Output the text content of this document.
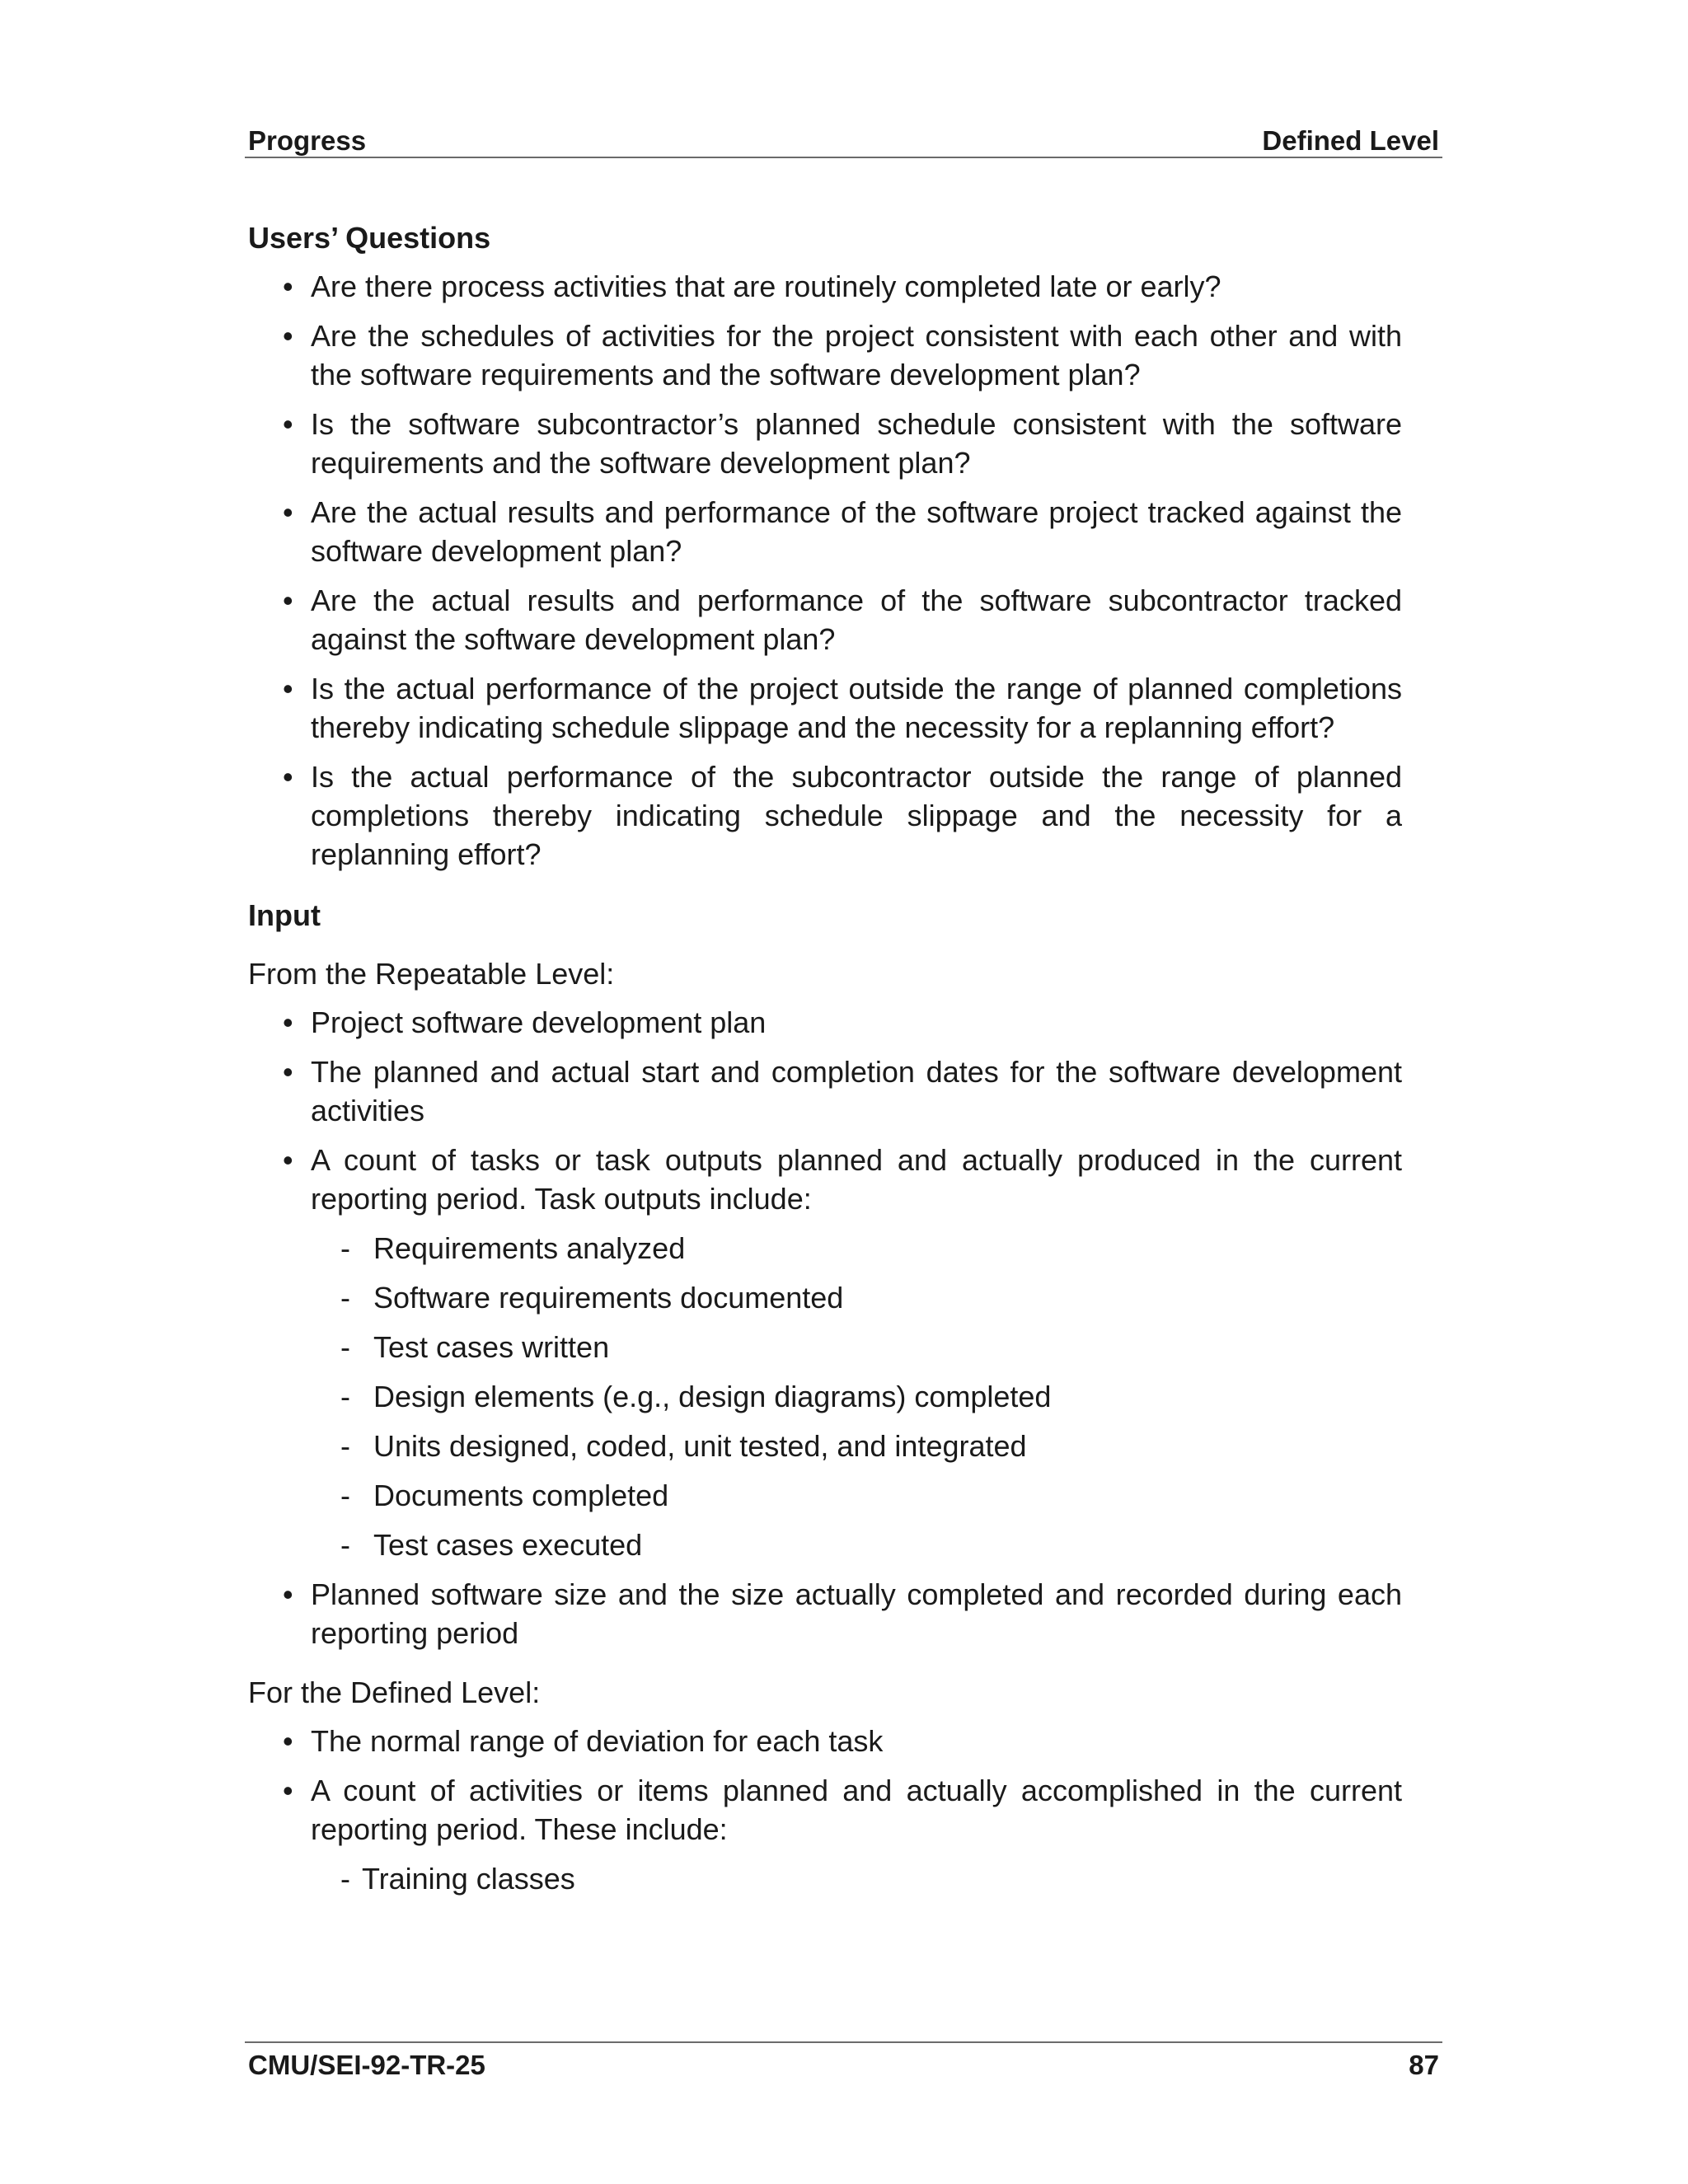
Progress	Defined Level
Users’ Questions
• Are there process activities that are routinely completed late or early?
• Are the schedules of activities for the project consistent with each other and with the software requirements and the software development plan?
• Is the software subcontractor’s planned schedule consistent with the software requirements and the software development plan?
• Are the actual results and performance of the software project tracked against the software development plan?
• Are the actual results and performance of the software subcontractor tracked against the software development plan?
• Is the actual performance of the project outside the range of planned completions thereby indicating schedule slippage and the necessity for a replanning effort?
• Is the actual performance of the subcontractor outside the range of planned completions thereby indicating schedule slippage and the necessity for a replanning effort?
Input
From the Repeatable Level:
• Project software development plan
• The planned and actual start and completion dates for the software development activities
• A count of tasks or task outputs planned and actually produced in the current reporting period. Task outputs include:
- Requirements analyzed
- Software requirements documented
- Test cases written
- Design elements (e.g., design diagrams) completed
- Units designed, coded, unit tested, and integrated
- Documents completed
- Test cases executed
• Planned software size and the size actually completed and recorded during each reporting period
For the Defined Level:
• The normal range of deviation for each task
• A count of activities or items planned and actually accomplished in the current reporting period. These include:
- Training classes
CMU/SEI-92-TR-25	87
